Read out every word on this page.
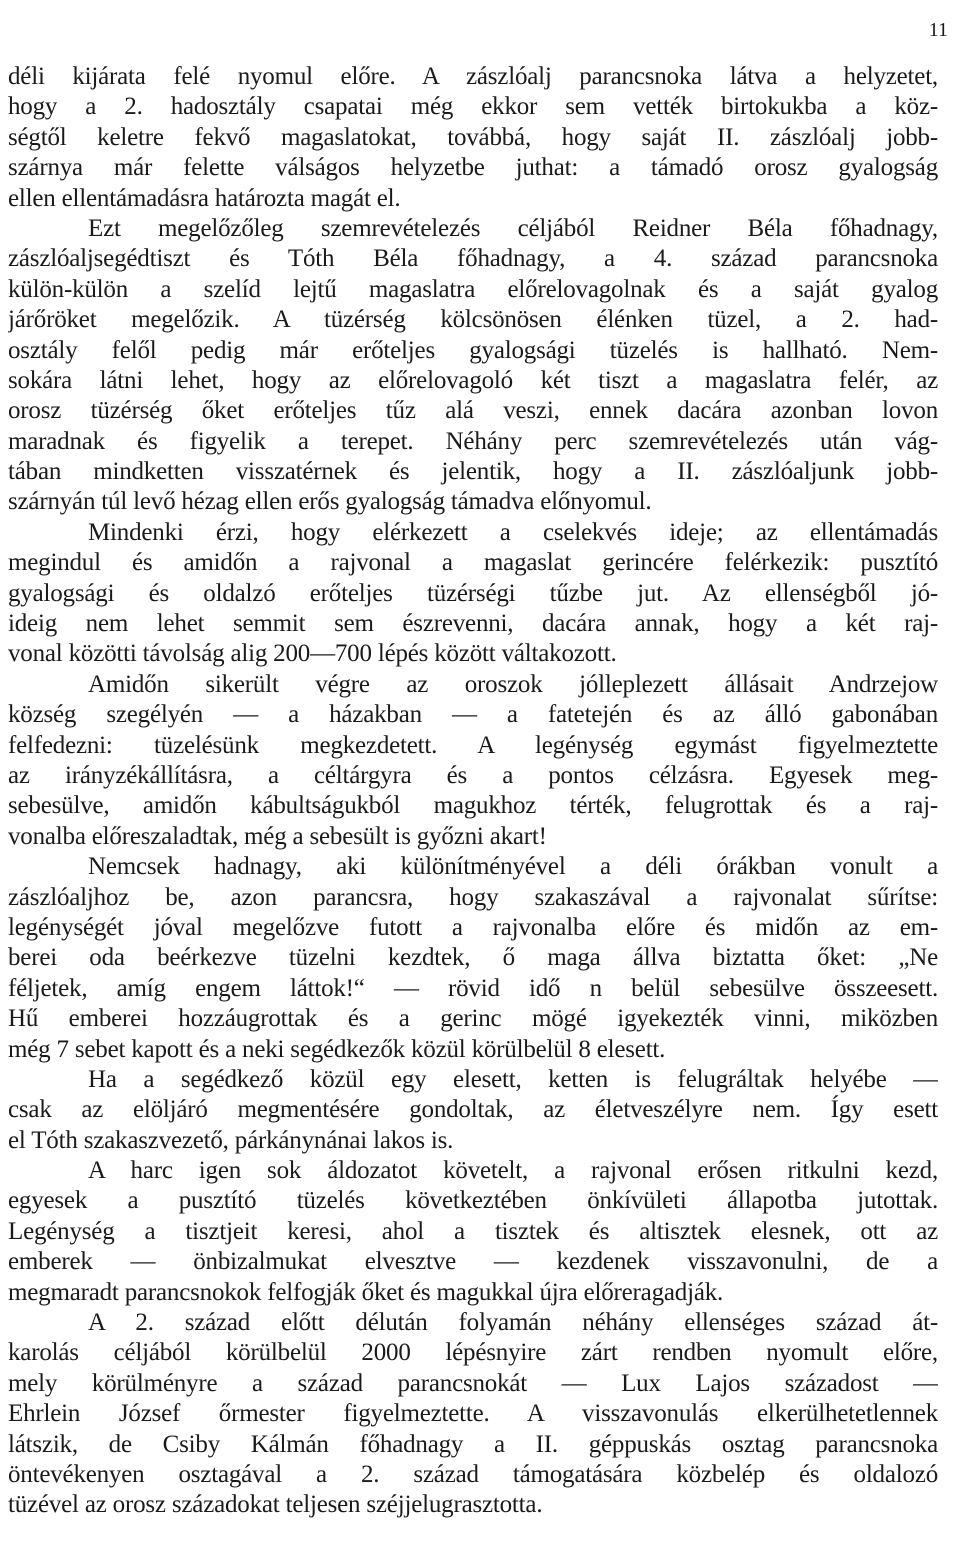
11
déli kijárata felé nyomul előre. A zászlóalj parancsnoka látva a helyzetet,
hogy a 2. hadosztály csapatai még ekkor sem vették birtokukba a köz-
ségtől keletre fekvő magaslatokat, továbbá, hogy saját II. zászlóalj jobb-
szárnya már felette válságos helyzetbe juthat: a támadó orosz gyalogság
ellen ellentámadásra határozta magát el.
Ezt megelőzőleg szemrevételezés céljából Reidner Béla főhadnagy,
zászlóaljsegédtiszt és Tóth Béla főhadnagy, a 4. század parancsnoka
külön-külön a szelíd lejtű magaslatra előrelovagolnak és a saját gyalog
járőröket megelőzik. A tüzérség kölcsönösen élénken tüzel, a 2. had-
osztály felől pedig már erőteljes gyalogsági tüzelés is hallható. Nem-
sokára látni lehet, hogy az előrelovagoló két tiszt a magaslatra felér, az
orosz tüzérség őket erőteljes tűz alá veszi, ennek dacára azonban lovon
maradnak és figyelik a terepet. Néhány perc szemrevételezés után vág-
tában mindketten visszatérnek és jelentik, hogy a II. zászlóaljunk jobb-
szárnyán túl levő hézag ellen erős gyalogság támadva előnyomul.
Mindenki érzi, hogy elérkezett a cselekvés ideje; az ellentámadás
megindul és amidőn a rajvonal a magaslat gerincére felérkezik: pusztító
gyalogsági és oldalzó erőteljes tüzérségi tűzbe jut. Az ellenségből jó-
ideig nem lehet semmit sem észrevenni, dacára annak, hogy a két raj-
vonal közötti távolság alig 200—700 lépés között váltakozott.
Amidőn sikerült végre az oroszok jólleplezett állásait Andrzejow
község szegélyén — a házakban — a fatetején és az álló gabonában
felfedezni: tüzelésünk megkezdetett. A legénység egymást figyelmeztette
az irányzékállításra, a céltárgyra és a pontos célzásra. Egyesek meg-
sebesülve, amidőn kábultságukból magukhoz térték, felugrottak és a raj-
vonalba előreszaladtak, még a sebesült is győzni akart!
Nemcsek hadnagy, aki különítményével a déli órákban vonult a
zászlóaljhoz be, azon parancsra, hogy szakaszával a rajvonalat sűrítse:
legénységét jóval megelőzve futott a rajvonalba előre és midőn az em-
berei oda beérkezve tüzelni kezdtek, ő maga állva biztatta őket: „Ne
féljetek, amíg engem láttok!“ — rövid idő n belül sebesülve összeesett.
Hű emberei hozzáugrottak és a gerinc mögé igyekezték vinni, miközben
még 7 sebet kapott és a neki segédkezők közül körülbelül 8 elesett.
Ha a segédkező közül egy elesett, ketten is felugráltak helyébe —
csak az elöljáró megmentésére gondoltak, az életveszélyre nem. Így esett
el Tóth szakaszvezető, párkánynánai lakos is.
A harc igen sok áldozatot követelt, a rajvonal erősen ritkulni kezd,
egyesek a pusztító tüzelés következtében önkívületi állapotba jutottak.
Legénység a tisztjeit keresi, ahol a tisztek és altisztek elesnek, ott az
emberek — önbizalmukat elvesztve — kezdenek visszavonulni, de a
megmaradt parancsnokok felfogják őket és magukkal újra előreragadják.
A 2. század előtt délután folyamán néhány ellenséges század át-
karolás céljából körülbelül 2000 lépésnyire zárt rendben nyomult előre,
mely körülményre a század parancsnokát — Lux Lajos századost —
Ehrlein József őrmester figyelmeztette. A visszavonulás elkerülhetetlennek
látszik, de Csiby Kálmán főhadnagy a II. géppuskás osztag parancsnoka
öntevékenyen osztagával a 2. század támogatására közbelép és oldalozó
tüzével az orosz századokat teljesen széjjelugrasztotta.
